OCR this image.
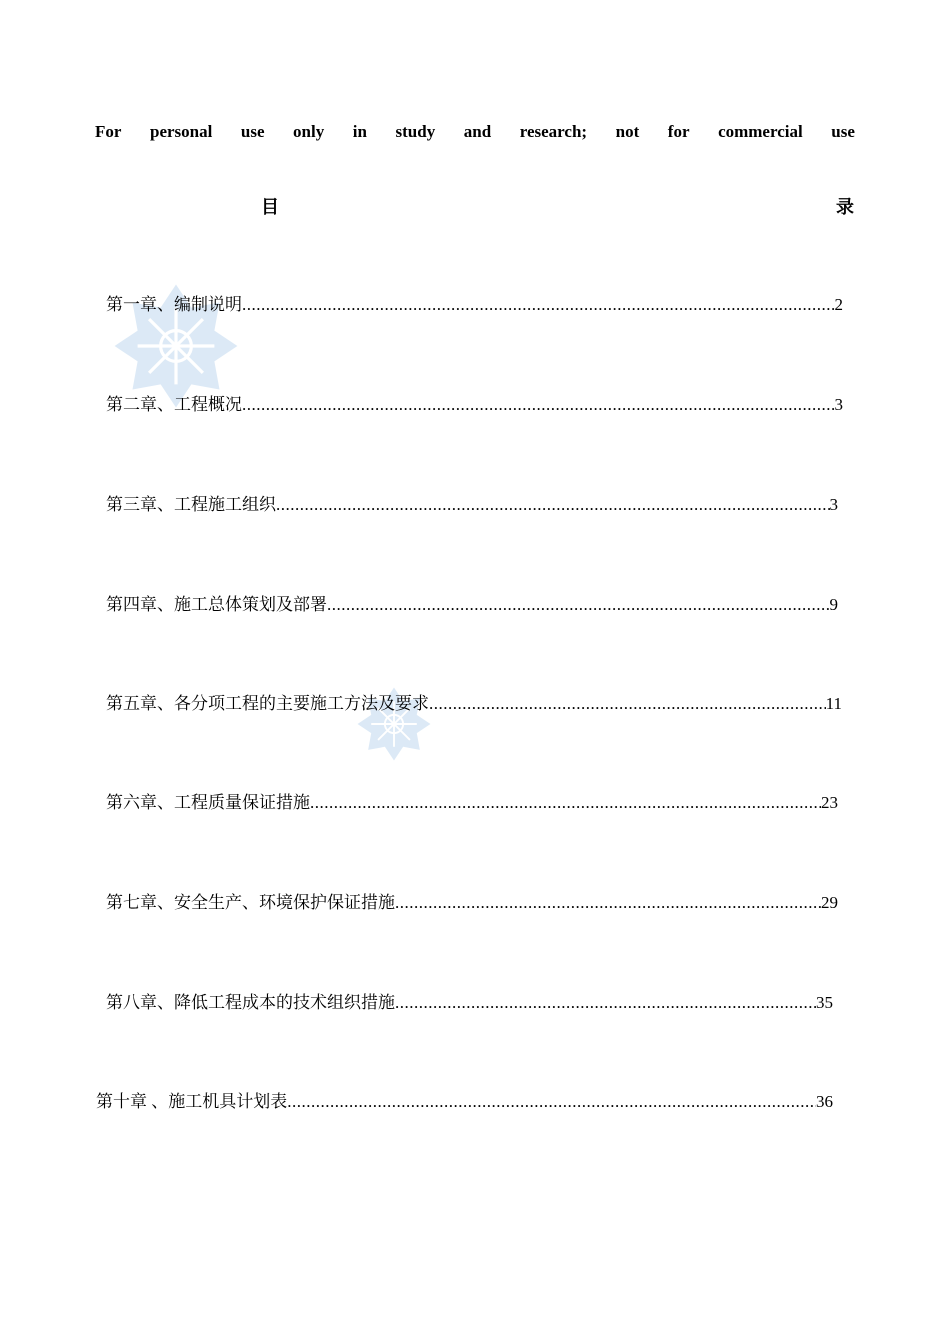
For personal use only in study and research; not for commercial use
目	录
第一章、编制说明 .....	2
第二章、工程概况 .....	3
第三章、工程施工组织 .....	3
第四章、施工总体策划及部署 .....	9
第五章、各分项工程的主要施工方法及要求 .....	11
第六章、工程质量保证措施 .....	23
第七章、安全生产、环境保护保证措施 .....	29
第八章、降低工程成本的技术组织措施 .....	35
第十章 、施工机具计划表 .....	36
